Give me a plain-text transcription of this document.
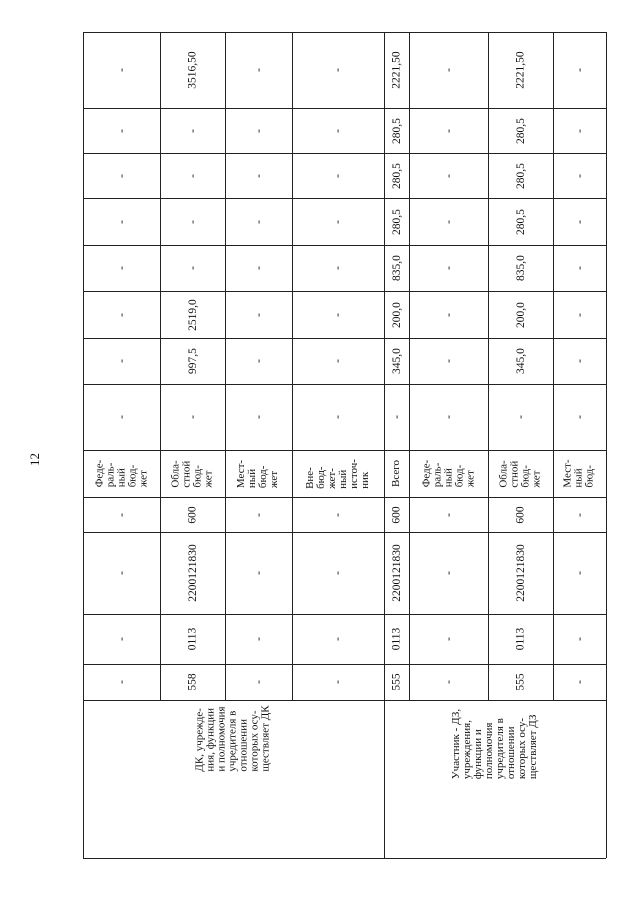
12
-
-
-
-
-
-
-
-
Феде-
раль-
ный
бюд-
жет
-
-
-
-
3516,50
-
-
-
-
2519,0
997,5
-
Обла-
стной
бюд-
жет
600
2200121830
0113
558
-
-
-
-
-
-
-
-
Мест-
ный
бюд-
жет
-
-
-
-
-
-
-
-
-
-
-
-
Вне-
бюд-
жет-
ный
источ-
ник
-
-
-
-
2221,50
280,5
280,5
280,5
835,0
200,0
345,0
-
Всего
600
2200121830
0113
555
-
-
-
-
-
-
-
-
Феде-
раль-
ный
бюд-
жет
-
-
-
-
2221,50
280,5
280,5
280,5
835,0
200,0
345,0
-
Обла-
стной
бюд-
жет
600
2200121830
0113
555
-
-
-
-
-
-
-
-
Мест-
ный
бюд-
-
-
-
-
ДК, учрежде-
ния, функции
и полномочия
учредителя в
отношении
которых осу-
ществляет ДК
Участник - ДЗ,
учреждения,
функции и
полномочия
учредителя в
отношении
которых осу-
ществляет ДЗ
